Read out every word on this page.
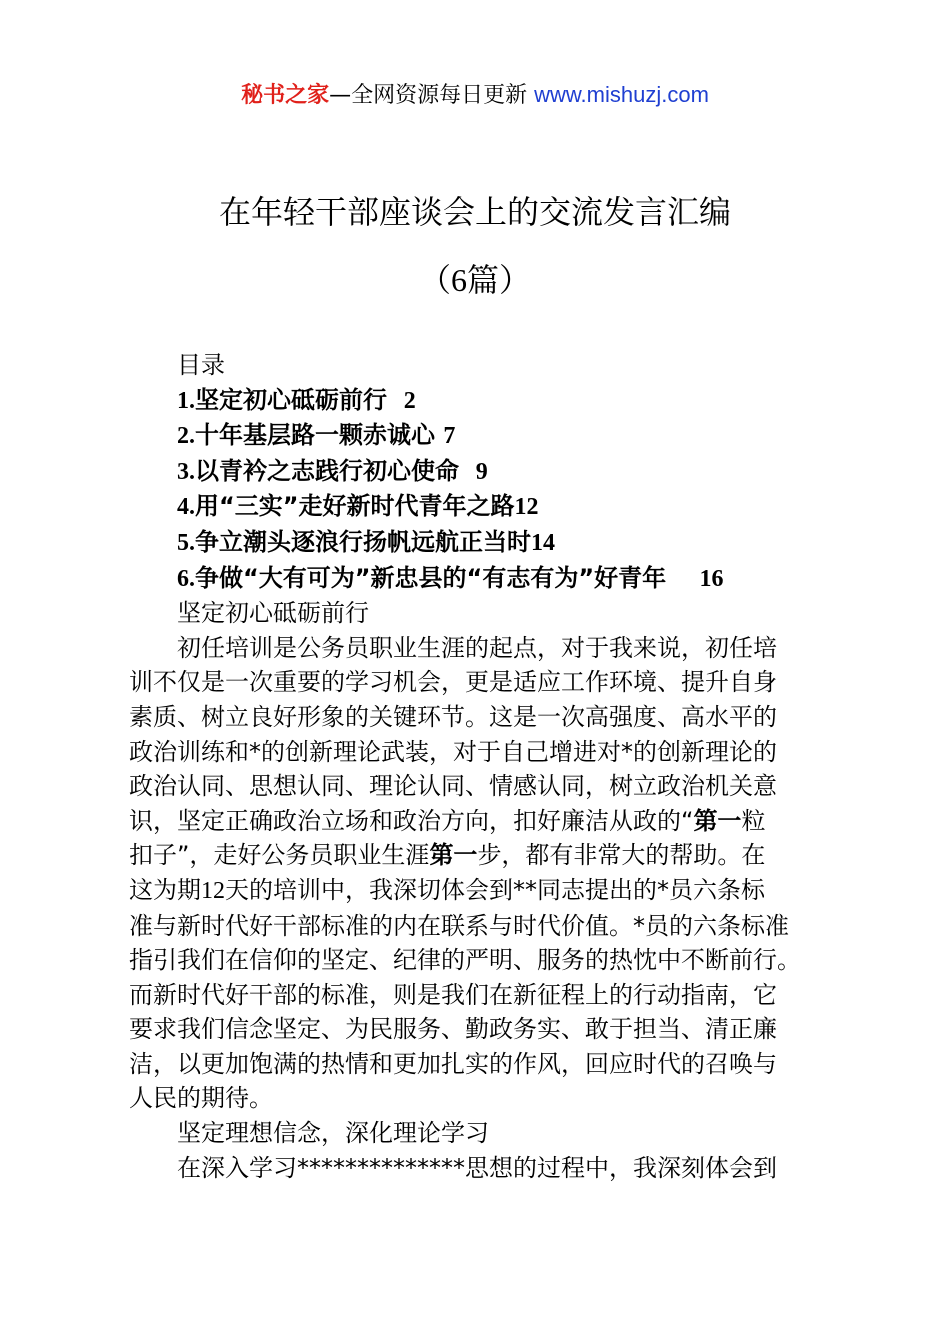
秘书之家—全网资源每日更新 www.mishuzj.com
在年轻干部座谈会上的交流发言汇编
（6篇）
目录
1.坚定初心砥砺前行 2
2.十年基层路一颗赤诚心 7
3.以青衿之志践行初心使命 9
4.用“三实”走好新时代青年之路12
5.争立潮头逐浪行扬帆远航正当时14
6.争做“大有可为”新忠县的“有志有为”好青年 16
坚定初心砥砺前行
初任培训是公务员职业生涯的起点，对于我来说，初任培
训不仅是一次重要的学习机会，更是适应工作环境、提升自身
素质、树立良好形象的关键环节。这是一次高强度、高水平的
政治训练和*的创新理论武装，对于自己增进对*的创新理论的
政治认同、思想认同、理论认同、情感认同，树立政治机关意
识，坚定正确政治立场和政治方向，扣好廉洁从政的“第一粒
扣子”，走好公务员职业生涯第一步，都有非常大的帮助。在
这为期12天的培训中，我深切体会到**同志提出的*员六条标
准与新时代好干部标准的内在联系与时代价值。*员的六条标准
指引我们在信仰的坚定、纪律的严明、服务的热忱中不断前行。
而新时代好干部的标准，则是我们在新征程上的行动指南，它
要求我们信念坚定、为民服务、勤政务实、敢于担当、清正廉
洁，以更加饱满的热情和更加扎实的作风，回应时代的召唤与
人民的期待。
坚定理想信念，深化理论学习
在深入学习**************思想的过程中，我深刻体会到
